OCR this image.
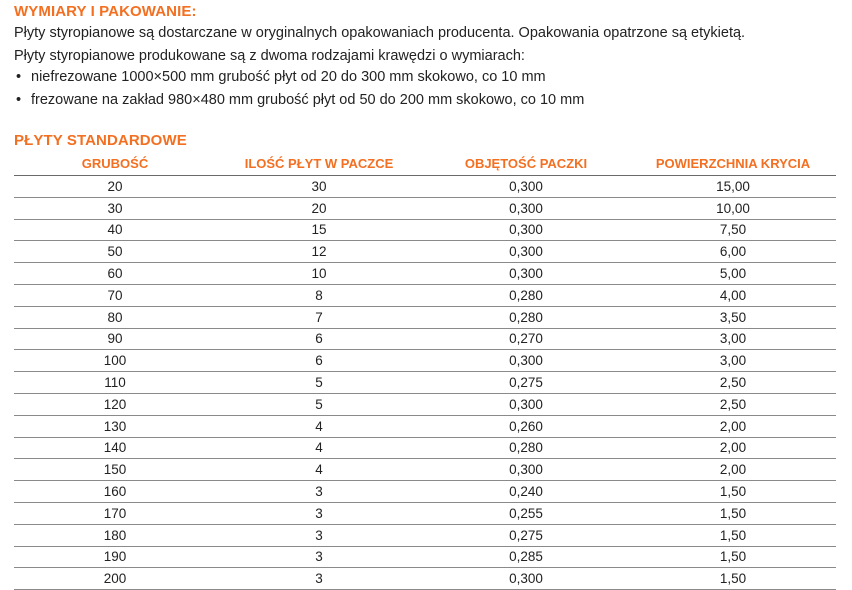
WYMIARY I PAKOWANIE:
Płyty styropianowe są dostarczane w oryginalnych opakowaniach producenta. Opakowania opatrzone są etykietą.
Płyty styropianowe produkowane są z dwoma rodzajami krawędzi o wymiarach:
• niefrezowane 1000×500 mm grubość płyt od 20 do 300 mm skokowo, co 10 mm
• frezowane na zakład 980×480 mm grubość płyt od 50 do 200 mm skokowo, co 10 mm
PŁYTY STANDARDOWE
GRUBOŚĆ	ILOŚĆ PŁYT W PACZCE	OBJĘTOŚĆ PACZKI	POWIERZCHNIA KRYCIA
20	30	0,300	15,00
30	20	0,300	10,00
40	15	0,300	7,50
50	12	0,300	6,00
60	10	0,300	5,00
70	8	0,280	4,00
80	7	0,280	3,50
90	6	0,270	3,00
100	6	0,300	3,00
110	5	0,275	2,50
120	5	0,300	2,50
130	4	0,260	2,00
140	4	0,280	2,00
150	4	0,300	2,00
160	3	0,240	1,50
170	3	0,255	1,50
180	3	0,275	1,50
190	3	0,285	1,50
200	3	0,300	1,50
